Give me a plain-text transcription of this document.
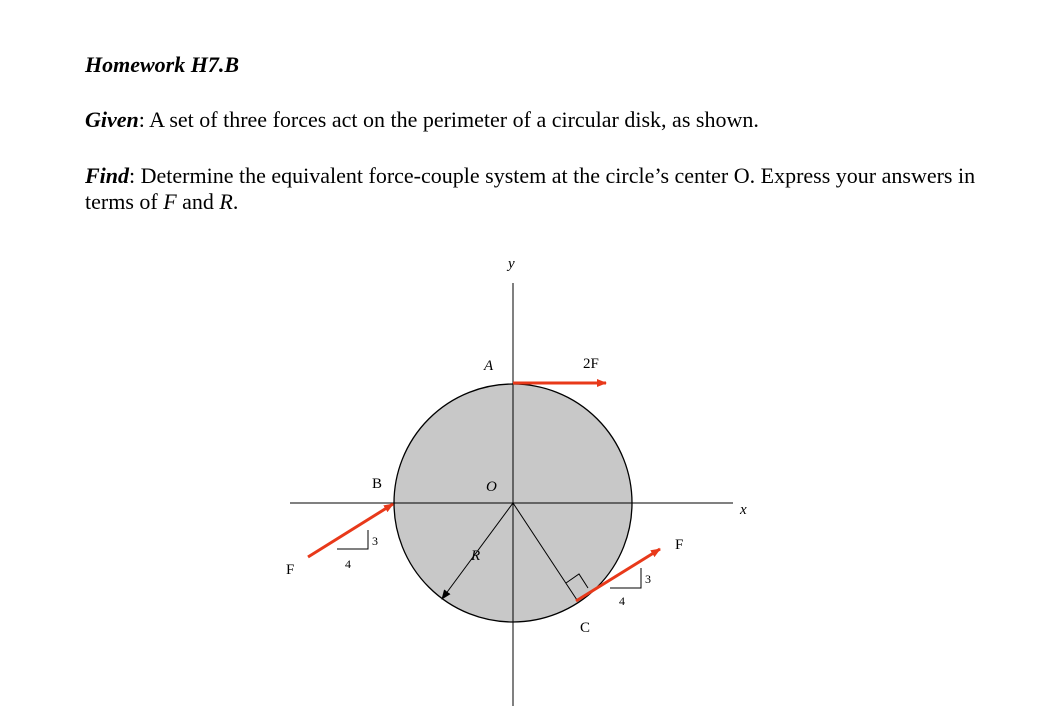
Homework H7.B
Given: A set of three forces act on the perimeter of a circular disk, as shown.
Find: Determine the equivalent force-couple system at the circle’s center O. Express your answers in terms of F and R.
y
x
A	2F
B	O
R
F
3
4
F
3
4
C
